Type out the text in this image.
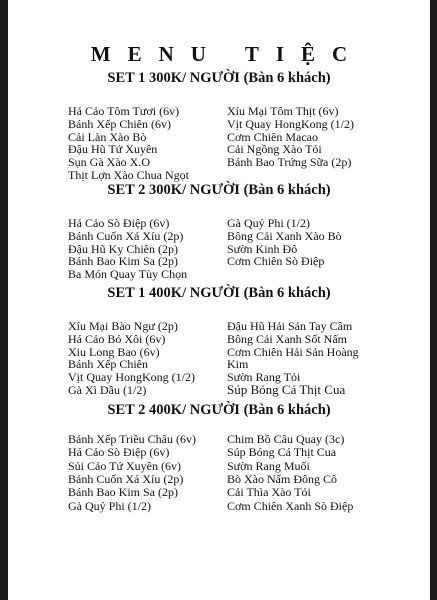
MENU TIỆC
SET 1 300K/ NGƯỜI (Bàn 6 khách)
Há Cảo Tôm Tươi (6v)
Bánh Xếp Chiên (6v)
Cải Làn Xào Bò
Đậu Hũ Tứ Xuyên
Sụn Gà Xào X.O
Thịt Lợn Xào Chua Ngọt
Xíu Mại Tôm Thịt (6v)
Vịt Quay HongKong (1/2)
Cơm Chiên Macao
Cải Ngồng Xào Tỏi
Bánh Bao Trứng Sữa (2p)
SET 2 300K/ NGƯỜI (Bàn 6 khách)
Há Cảo Sò Điệp (6v)
Bánh Cuốn Xá Xíu (2p)
Đậu Hũ Ky Chiên (2p)
Bánh Bao Kim Sa (2p)
Ba Món Quay Tùy Chọn
Gà Quý Phi (1/2)
Bông Cải Xanh Xào Bò
Sườn Kinh Đô
Cơm Chiên Sò Điệp
SET 1 400K/ NGƯỜI (Bàn 6 khách)
Xíu Mại Bào Ngư (2p)
Há Cảo Bó Xôi (6v)
Xiu Long Bao (6v)
Bánh Xếp Chiên
Vịt Quay HongKong (1/2)
Gà Xì Dầu (1/2)
Đậu Hũ Hải Sản Tay Cầm
Bông Cải Xanh Sốt Nấm
Cơm Chiên Hải Sản Hoàng
Kim
Sườn Rang Tỏi
Súp Bóng Cá Thịt Cua
SET 2 400K/ NGƯỜI (Bàn 6 khách)
Bánh Xếp Triều Châu (6v)
Há Cảo Sò Điệp (6v)
Sủi Cảo Tứ Xuyên (6v)
Bánh Cuốn Xá Xíu (2p)
Bánh Bao Kim Sa (2p)
Gà Quý Phi (1/2)
Chim Bồ Câu Quay (3c)
Súp Bóng Cá Thịt Cua
Sườn Rang Muối
Bò Xào Nấm Đông Cô
Cải Thìa Xào Tỏi
Cơm Chiên Xanh Sò Điệp
